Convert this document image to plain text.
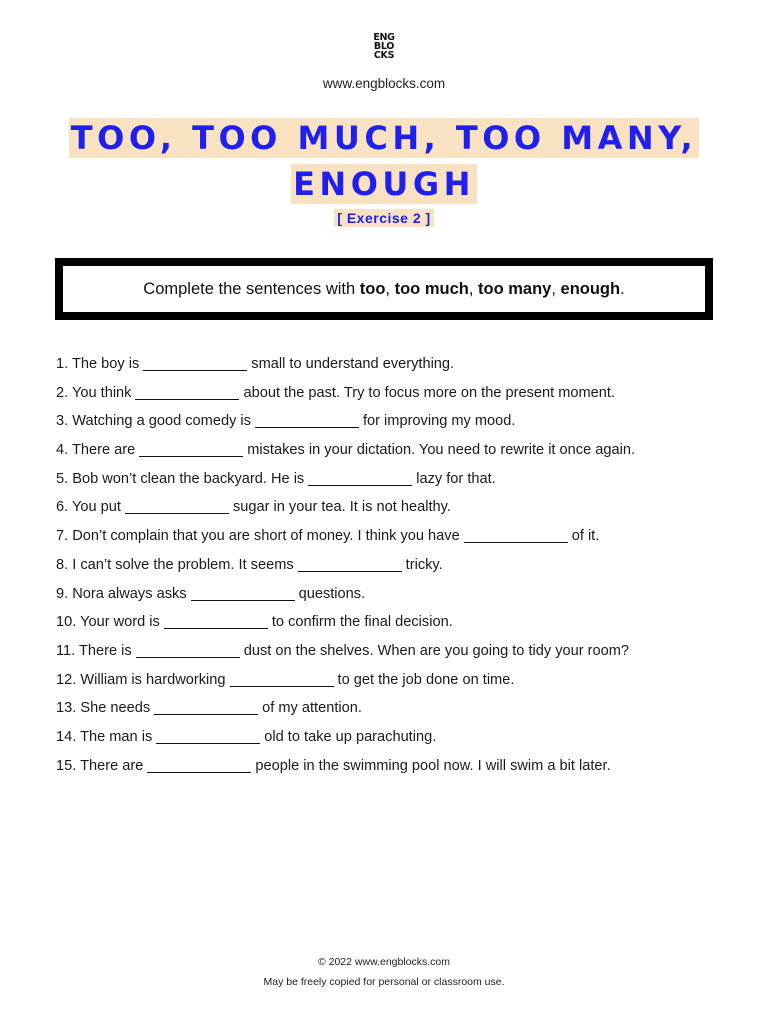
ENG
BLO
CKS
www.engblocks.com
TOO, TOO MUCH, TOO MANY,
ENOUGH
[ Exercise 2 ]
Complete the sentences with too, too much, too many, enough.
1. The boy is	small to understand everything.
2. You think	about the past. Try to focus more on the present moment.
3. Watching a good comedy is	for improving my mood.
4. There are	mistakes in your dictation. You need to rewrite it once again.
5. Bob won’t clean the backyard. He is	lazy for that.
6. You put	sugar in your tea. It is not healthy.
7. Don’t complain that you are short of money. I think you have	of it.
8. I can’t solve the problem. It seems	tricky.
9. Nora always asks	questions.
10. Your word is	to confirm the final decision.
11. There is	dust on the shelves. When are you going to tidy your room?
12. William is hardworking	to get the job done on time.
13. She needs	of my attention.
14. The man is	old to take up parachuting.
15. There are	people in the swimming pool now. I will swim a bit later.
© 2022 www.engblocks.com
May be freely copied for personal or classroom use.
